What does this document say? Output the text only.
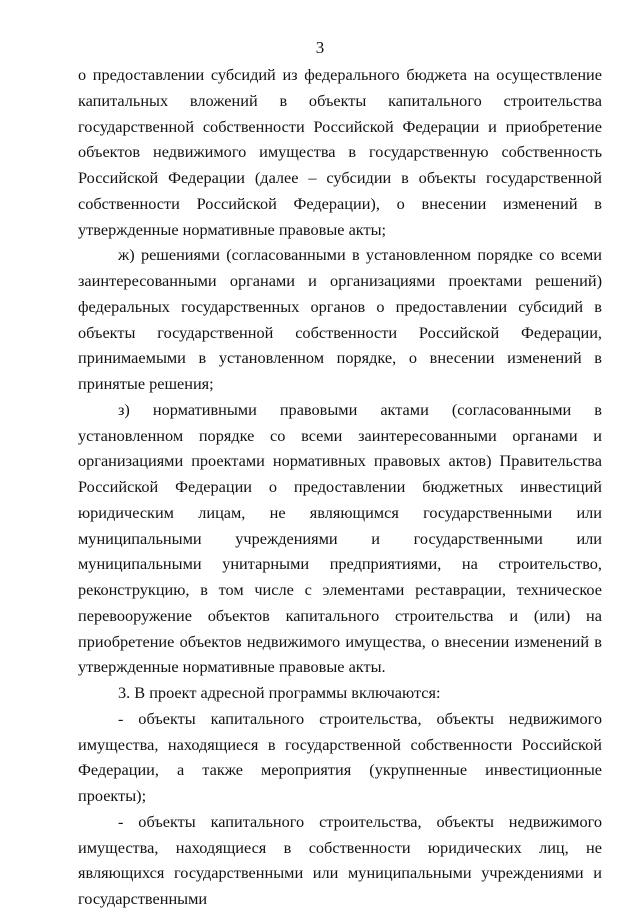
3

о предоставлении субсидий из федерального бюджета на осуществление капитальных вложений в объекты капитального строительства государственной собственности Российской Федерации и приобретение объектов недвижимого имущества в государственную собственность Российской Федерации (далее – субсидии в объекты государственной собственности Российской Федерации), о внесении изменений в утвержденные нормативные правовые акты;

ж) решениями (согласованными в установленном порядке со всеми заинтересованными органами и организациями проектами решений) федеральных государственных органов о предоставлении субсидий в объекты государственной собственности Российской Федерации, принимаемыми в установленном порядке, о внесении изменений в принятые решения;

з) нормативными правовыми актами (согласованными в установленном порядке со всеми заинтересованными органами и организациями проектами нормативных правовых актов) Правительства Российской Федерации о предоставлении бюджетных инвестиций юридическим лицам, не являющимся государственными или муниципальными учреждениями и государственными или муниципальными унитарными предприятиями, на строительство, реконструкцию, в том числе с элементами реставрации, техническое перевооружение объектов капитального строительства и (или) на приобретение объектов недвижимого имущества, о внесении изменений в утвержденные нормативные правовые акты.

3. В проект адресной программы включаются:

- объекты капитального строительства, объекты недвижимого имущества, находящиеся в государственной собственности Российской Федерации, а также мероприятия (укрупненные инвестиционные проекты);

- объекты капитального строительства, объекты недвижимого имущества, находящиеся в собственности юридических лиц, не являющихся государственными или муниципальными учреждениями и государственными
